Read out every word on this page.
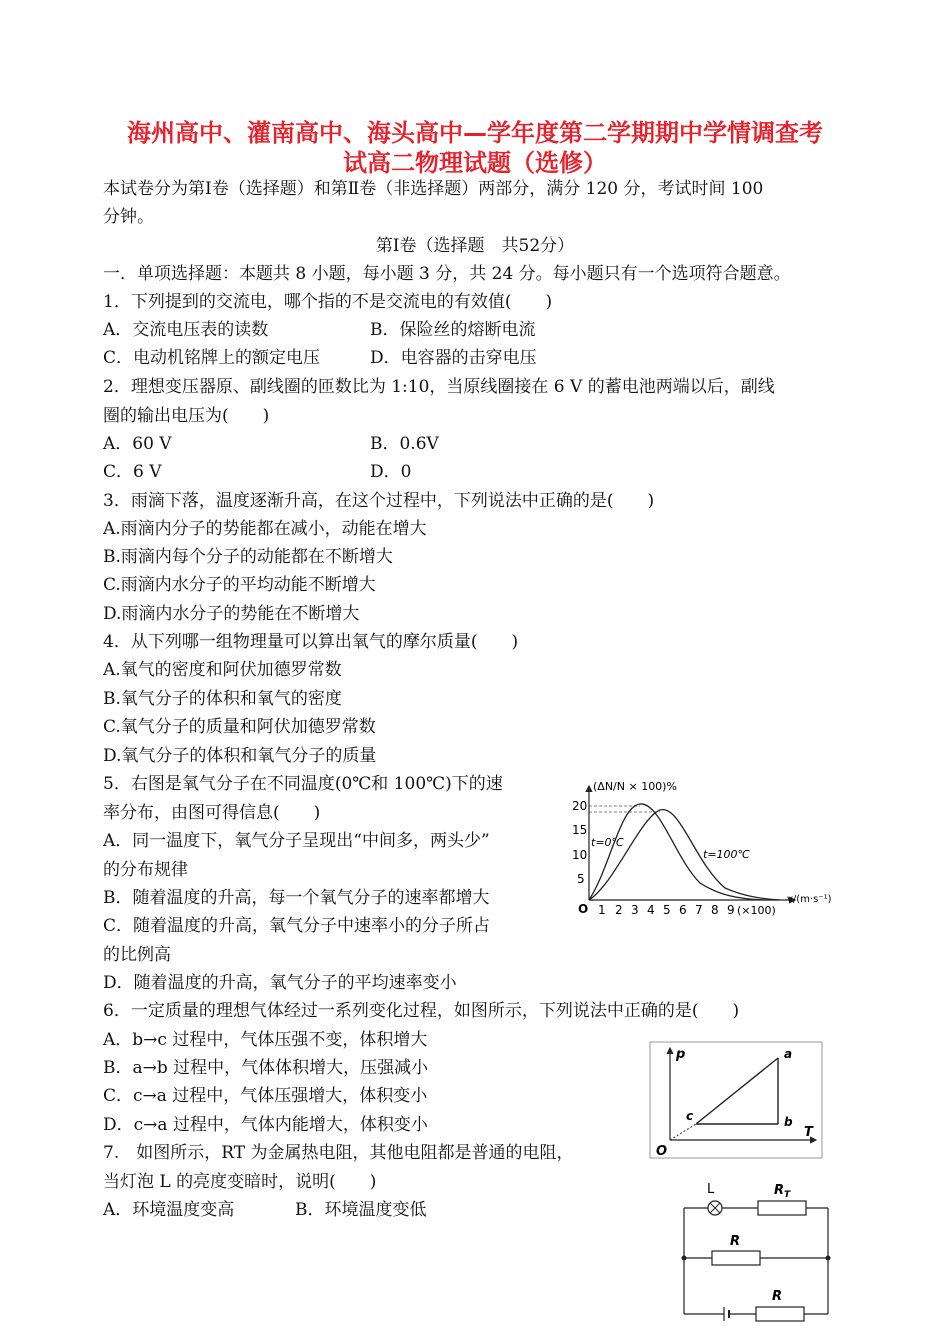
海州高中、灌南高中、海头高中—学年度第二学期期中学情调查考
试高二物理试题（选修）
本试卷分为第Ⅰ卷（选择题）和第Ⅱ卷（非选择题）两部分，满分 120 分，考试时间 100
分钟。
第Ⅰ卷（选择题　共52分）
一．单项选择题：本题共 8 小题，每小题 3 分，共 24 分。每小题只有一个选项符合题意。
1．下列提到的交流电，哪个指的不是交流电的有效值(　　)
A．交流电压表的读数	B．保险丝的熔断电流
C．电动机铭牌上的额定电压	D．电容器的击穿电压
2．理想变压器原、副线圈的匝数比为 1:10，当原线圈接在 6 V 的蓄电池两端以后，副线
圈的输出电压为(　　)
A．60 V	B．0.6V
C．6 V	D．0
3．雨滴下落，温度逐渐升高，在这个过程中，下列说法中正确的是(　　)
A.雨滴内分子的势能都在减小，动能在增大
B.雨滴内每个分子的动能都在不断增大
C.雨滴内水分子的平均动能不断增大
D.雨滴内水分子的势能在不断增大
4．从下列哪一组物理量可以算出氧气的摩尔质量(　　)
A.氧气的密度和阿伏加德罗常数
B.氧气分子的体积和氧气的密度
C.氧气分子的质量和阿伏加德罗常数
D.氧气分子的体积和氧气分子的质量
5．右图是氧气分子在不同温度(0℃和 100℃)下的速
率分布，由图可得信息(　　)
A．同一温度下，氧气分子呈现出“中间多，两头少”
的分布规律
B．随着温度的升高，每一个氧气分子的速率都增大
C．随着温度的升高，氧气分子中速率小的分子所占
的比例高
D．随着温度的升高，氧气分子的平均速率变小
6．一定质量的理想气体经过一系列变化过程，如图所示，下列说法中正确的是(　　)
A．b→c 过程中，气体压强不变，体积增大
B．a→b 过程中，气体体积增大，压强减小
C．c→a 过程中，气体压强增大，体积变小
D．c→a 过程中，气体内能增大，体积变小
7.　如图所示，RT 为金属热电阻，其他电阻都是普通的电阻，
当灯泡 L 的亮度变暗时，说明(　　)
A．环境温度变高	B．环境温度变低
(ΔN/N × 100)%
O
20
15
10
5
1 2 3 4 5 6 7 8 9 (×100)
v/(m·s⁻¹)
t=0℃
t=100℃
p
T
O
a
b
c
L	$R_T$
R
R
